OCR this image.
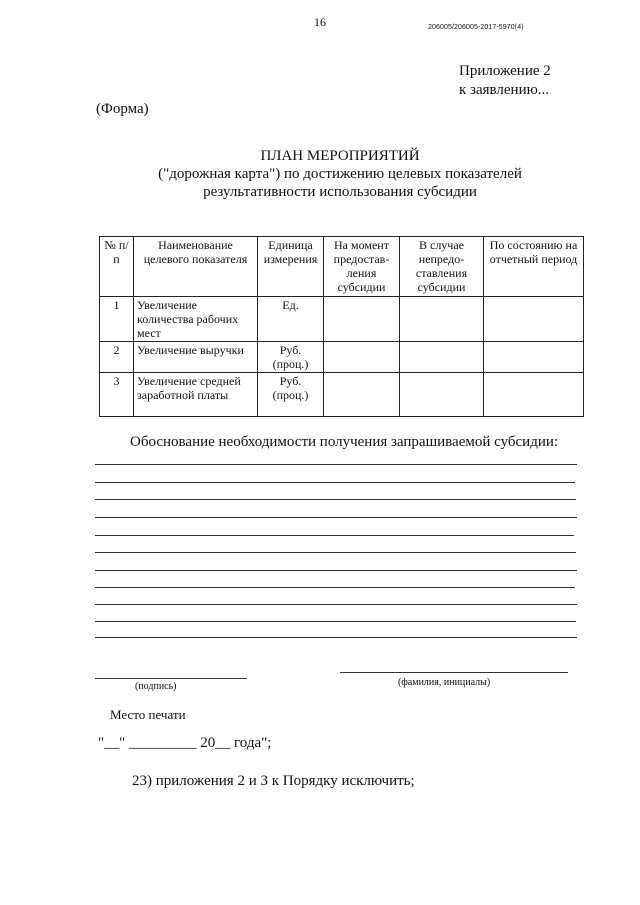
16	206005/206005-2017-5970(4)
Приложение 2
к заявлению...
(Форма)
ПЛАН МЕРОПРИЯТИЙ
("дорожная карта") по достижению целевых показателей
результативности использования субсидии
№ п/п	Наименование целевого показателя	Единица измерения	На момент предостав-ления субсидии	В случае непредо-ставления субсидии	По состоянию на отчетный период
1	Увеличение количества рабочих мест	Ед.			
2	Увеличение выручки	Руб. (проц.)			
3	Увеличение средней заработной платы	Руб. (проц.)			
Обоснование необходимости получения запрашиваемой субсидии:
(подпись)	(фамилия, инициалы)
Место печати
"__" _________ 20__ года";
23) приложения 2 и 3 к Порядку исключить;
